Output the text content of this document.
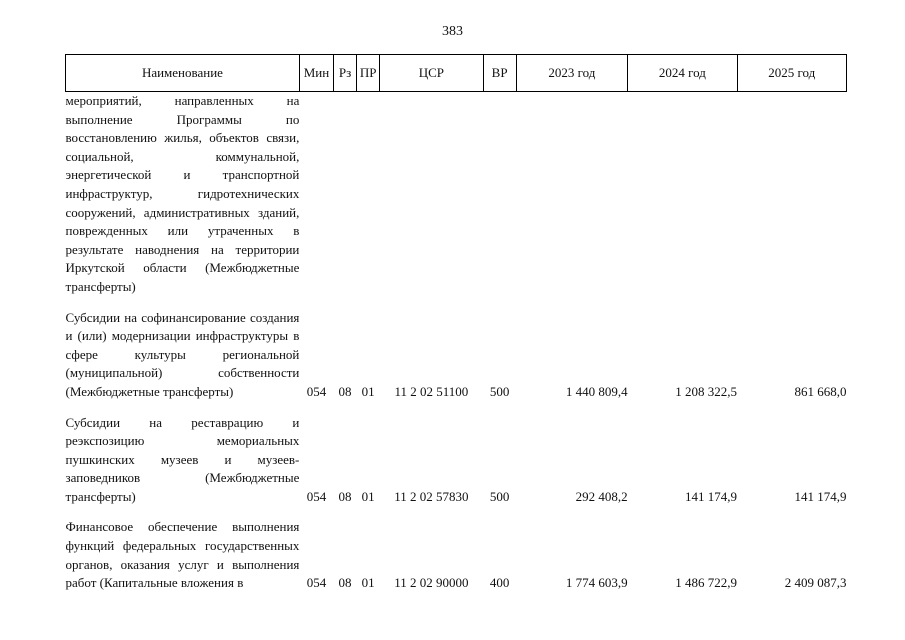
383
Наименование	Мин	Рз	ПР	ЦСР	ВР	2023 год	2024 год	2025 год
мероприятий, направленных на выполнение Программы по восстановлению жилья, объектов связи, социальной, коммунальной, энергетической и транспортной инфраструктур, гидротехнических сооружений, административных зданий, поврежденных или утраченных в результате наводнения на территории Иркутской области (Межбюджетные трансферты)								

Субсидии на софинансирование создания и (или) модернизации инфраструктуры в сфере культуры региональной (муниципальной) собственности (Межбюджетные трансферты)	054	08	01	11 2 02 51100	500	1 440 809,4	1 208 322,5	861 668,0

Субсидии на реставрацию и реэкспозицию мемориальных пушкинских музеев и музеев-заповедников (Межбюджетные трансферты)	054	08	01	11 2 02 57830	500	292 408,2	141 174,9	141 174,9

Финансовое обеспечение выполнения функций федеральных государственных органов, оказания услуг и выполнения работ (Капитальные вложения в	054	08	01	11 2 02 90000	400	1 774 603,9	1 486 722,9	2 409 087,3
